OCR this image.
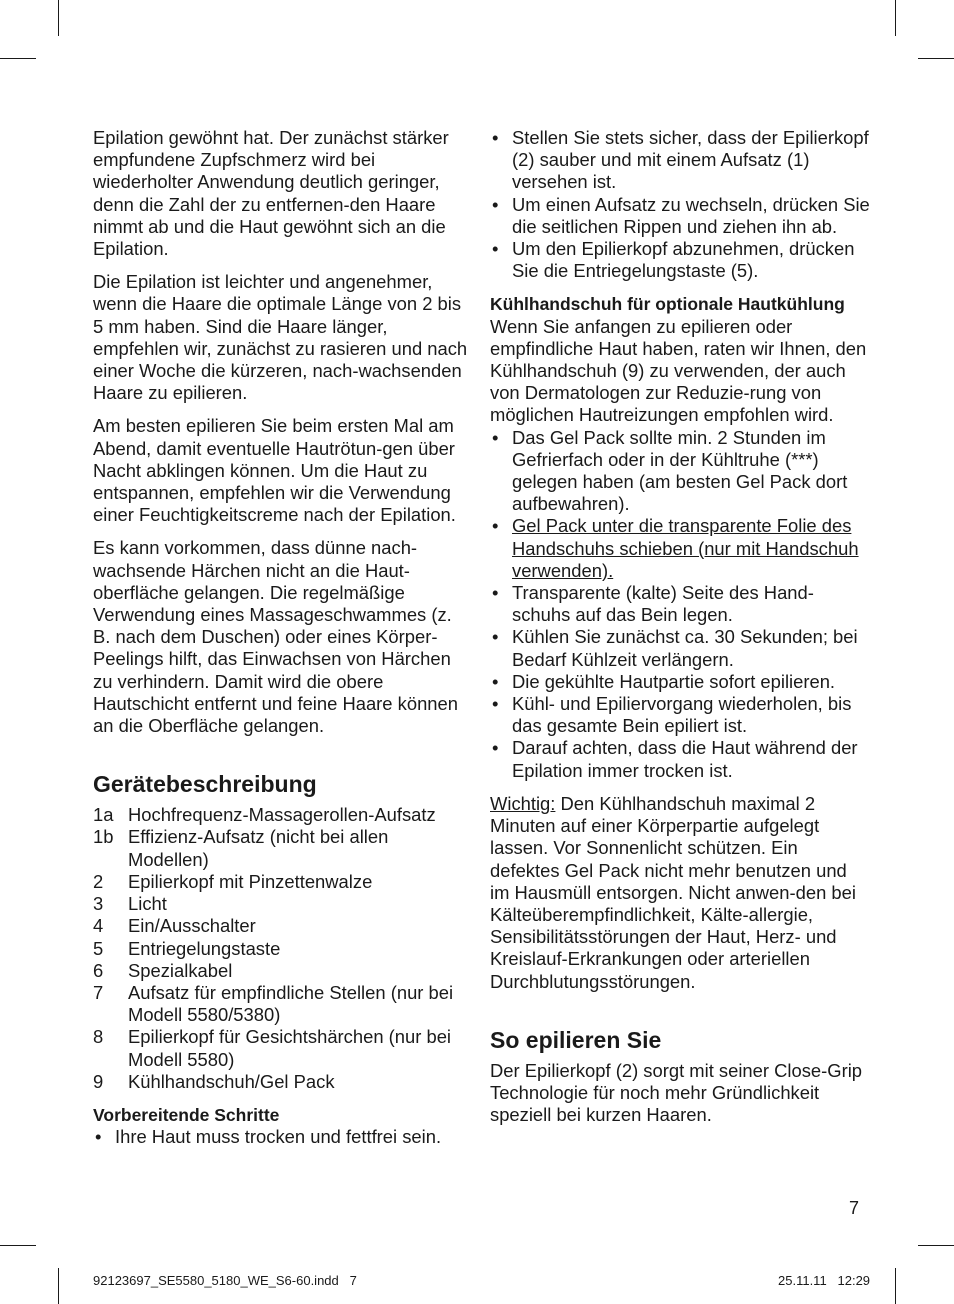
Epilation gewöhnt hat. Der zunächst stärker empfundene Zupfschmerz wird bei wiederholter Anwendung deutlich geringer, denn die Zahl der zu entfernen-den Haare nimmt ab und die Haut gewöhnt sich an die Epilation.

Die Epilation ist leichter und angenehmer, wenn die Haare die optimale Länge von 2 bis 5 mm haben. Sind die Haare länger, empfehlen wir, zunächst zu rasieren und nach einer Woche die kürzeren, nach-wachsenden Haare zu epilieren.

Am besten epilieren Sie beim ersten Mal am Abend, damit eventuelle Hautrötun-gen über Nacht abklingen können. Um die Haut zu entspannen, empfehlen wir die Verwendung einer Feuchtigkeitscreme nach der Epilation.

Es kann vorkommen, dass dünne nach-wachsende Härchen nicht an die Haut-oberfläche gelangen. Die regelmäßige Verwendung eines Massageschwammes (z. B. nach dem Duschen) oder eines Körper-Peelings hilft, das Einwachsen von Härchen zu verhindern. Damit wird die obere Hautschicht entfernt und feine Haare können an die Oberfläche gelangen.

Gerätebeschreibung
1a Hochfrequenz-Massagerollen-Aufsatz
1b Effizienz-Aufsatz (nicht bei allen Modellen)
2	Epilierkopf mit Pinzettenwalze
3	Licht
4	Ein/Ausschalter
5	Entriegelungstaste
6	Spezialkabel
7	Aufsatz für empfindliche Stellen (nur bei Modell 5580/5380)
8	Epilierkopf für Gesichtshärchen (nur bei Modell 5580)
9	Kühlhandschuh/Gel Pack
Vorbereitende Schritte
• Ihre Haut muss trocken und fettfrei sein.
• Stellen Sie stets sicher, dass der Epilierkopf (2) sauber und mit einem Aufsatz (1) versehen ist.
• Um einen Aufsatz zu wechseln, drücken Sie die seitlichen Rippen und ziehen ihn ab.
• Um den Epilierkopf abzunehmen, drücken Sie die Entriegelungstaste (5).
Kühlhandschuh für optionale Hautkühlung

Wenn Sie anfangen zu epilieren oder empfindliche Haut haben, raten wir Ihnen, den Kühlhandschuh (9) zu verwenden, der auch von Dermatologen zur Reduzie-rung von möglichen Hautreizungen empfohlen wird.

• Das Gel Pack sollte min. 2 Stunden im Gefrierfach oder in der Kühltruhe (***) gelegen haben (am besten Gel Pack dort aufbewahren).
• Gel Pack unter die transparente Folie des Handschuhs schieben (nur mit Handschuh verwenden).
• Transparente (kalte) Seite des Hand-schuhs auf das Bein legen.
• Kühlen Sie zunächst ca. 30 Sekunden; bei Bedarf Kühlzeit verlängern.
• Die gekühlte Hautpartie sofort epilieren.
• Kühl- und Epiliervorgang wiederholen, bis das gesamte Bein epiliert ist.
• Darauf achten, dass die Haut während der Epilation immer trocken ist.

Wichtig: Den Kühlhandschuh maximal 2 Minuten auf einer Körperpartie aufgelegt lassen. Vor Sonnenlicht schützen. Ein defektes Gel Pack nicht mehr benutzen und im Hausmüll entsorgen. Nicht anwen-den bei Kälteüberempfindlichkeit, Kälte-allergie, Sensibilitätsstörungen der Haut, Herz- und Kreislauf-Erkrankungen oder arteriellen Durchblutungsstörungen.

So epilieren Sie

Der Epilierkopf (2) sorgt mit seiner Close-Grip Technologie für noch mehr Gründlichkeit speziell bei kurzen Haaren.

7
92123697_SE5580_5180_WE_S6-60.indd   7	25.11.11   12:29
